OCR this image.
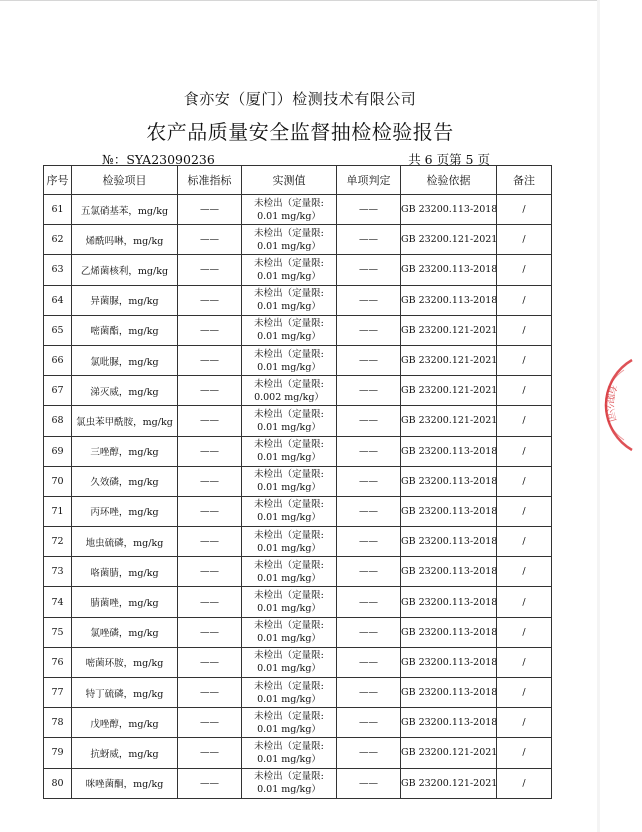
食亦安（厦门）检测技术有限公司
农产品质量安全监督抽检检验报告
№：SYA23090236	共 6 页第 5 页
序号	检验项目	标准指标	实测值	单项判定	检验依据	备注
61	五氯硝基苯，mg/kg	——	未检出（定量限:
0.01 mg/kg）	——	GB 23200.113-2018	/
62	烯酰吗啉，mg/kg	——	未检出（定量限:
0.01 mg/kg）	——	GB 23200.121-2021	/
63	乙烯菌核利，mg/kg	——	未检出（定量限:
0.01 mg/kg）	——	GB 23200.113-2018	/
64	异菌脲，mg/kg	——	未检出（定量限:
0.01 mg/kg）	——	GB 23200.113-2018	/
65	嘧菌酯，mg/kg	——	未检出（定量限:
0.01 mg/kg）	——	GB 23200.121-2021	/
66	氯吡脲，mg/kg	——	未检出（定量限:
0.01 mg/kg）	——	GB 23200.121-2021	/
67	涕灭威，mg/kg	——	未检出（定量限:
0.002 mg/kg）	——	GB 23200.121-2021	/
68	氯虫苯甲酰胺，mg/kg	——	未检出（定量限:
0.01 mg/kg）	——	GB 23200.121-2021	/
69	三唑醇，mg/kg	——	未检出（定量限:
0.01 mg/kg）	——	GB 23200.113-2018	/
70	久效磷，mg/kg	——	未检出（定量限:
0.01 mg/kg）	——	GB 23200.113-2018	/
71	丙环唑，mg/kg	——	未检出（定量限:
0.01 mg/kg）	——	GB 23200.113-2018	/
72	地虫硫磷，mg/kg	——	未检出（定量限:
0.01 mg/kg）	——	GB 23200.113-2018	/
73	咯菌腈，mg/kg	——	未检出（定量限:
0.01 mg/kg）	——	GB 23200.113-2018	/
74	腈菌唑，mg/kg	——	未检出（定量限:
0.01 mg/kg）	——	GB 23200.113-2018	/
75	氯唑磷，mg/kg	——	未检出（定量限:
0.01 mg/kg）	——	GB 23200.113-2018	/
76	嘧菌环胺，mg/kg	——	未检出（定量限:
0.01 mg/kg）	——	GB 23200.113-2018	/
77	特丁硫磷，mg/kg	——	未检出（定量限:
0.01 mg/kg）	——	GB 23200.113-2018	/
78	戊唑醇，mg/kg	——	未检出（定量限:
0.01 mg/kg）	——	GB 23200.113-2018	/
79	抗蚜威，mg/kg	——	未检出（定量限:
0.01 mg/kg）	——	GB 23200.121-2021	/
80	咪唑菌酮，mg/kg	——	未检出（定量限:
0.01 mg/kg）	——	GB 23200.121-2021	/
有限公司
